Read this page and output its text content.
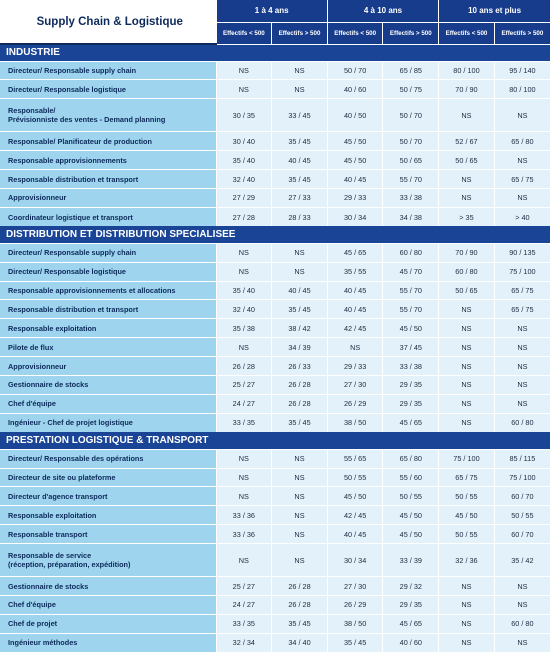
Supply Chain & Logistique	1 à 4 ans		4 à 10 ans		10 ans et plus	
	Effectifs < 500	Effectifs > 500	Effectifs < 500	Effectifs > 500	Effectifs < 500	Effectifs > 500
INDUSTRIE						
Directeur/ Responsable supply chain	NS	NS	50 / 70	65 / 85	80 / 100	95 / 140
Directeur/ Responsable logistique	NS	NS	40 / 60	50 / 75	70 / 90	80 / 100
Responsable/
Prévisionniste des ventes - Demand planning	30 / 35	33 / 45	40 / 50	50 / 70	NS	NS
Responsable/ Planificateur de production	30 / 40	35 / 45	45 / 50	50 / 70	52 / 67	65 / 80
Responsable approvisionnements	35 / 40	40 / 45	45 / 50	50 / 65	50 / 65	NS
Responsable distribution et transport	32 / 40	35 / 45	40 / 45	55 / 70	NS	65 / 75
Approvisionneur	27 / 29	27 / 33	29 / 33	33 / 38	NS	NS
Coordinateur logistique et transport	27 / 28	28 / 33	30 / 34	34 / 38	> 35	> 40
DISTRIBUTION ET DISTRIBUTION SPECIALISEE						
Directeur/ Responsable supply chain	NS	NS	45 / 65	60 / 80	70 / 90	90 / 135
Directeur/ Responsable logistique	NS	NS	35 / 55	45 / 70	60 / 80	75 / 100
Responsable approvisionnements et allocations	35 / 40	40 / 45	40 / 45	55 / 70	50 / 65	65 / 75
Responsable distribution et transport	32 / 40	35 / 45	40 / 45	55 / 70	NS	65 / 75
Responsable exploitation	35 / 38	38 / 42	42 / 45	45 / 50	NS	NS
Pilote de flux	NS	34 / 39	NS	37 / 45	NS	NS
Approvisionneur	26 / 28	26 / 33	29 / 33	33 / 38	NS	NS
Gestionnaire de stocks	25 / 27	26 / 28	27 / 30	29 / 35	NS	NS
Chef d'équipe	24 / 27	26 / 28	26 / 29	29 / 35	NS	NS
Ingénieur - Chef de projet logistique	33 / 35	35 / 45	38 / 50	45 / 65	NS	60 / 80
PRESTATION LOGISTIQUE & TRANSPORT						
Directeur/ Responsable des opérations	NS	NS	55 / 65	65 / 80	75 / 100	85 / 115
Directeur de site ou plateforme	NS	NS	50 / 55	55 / 60	65 / 75	75 / 100
Directeur d'agence transport	NS	NS	45 / 50	50 / 55	50 / 55	60 / 70
Responsable exploitation	33 / 36	NS	42 / 45	45 / 50	45 / 50	50 / 55
Responsable transport	33 / 36	NS	40 / 45	45 / 50	50 / 55	60 / 70
Responsable de service
(réception, préparation, expédition)	NS	NS	30 / 34	33 / 39	32 / 36	35 / 42
Gestionnaire de stocks	25 / 27	26 / 28	27 / 30	29 / 32	NS	NS
Chef d'équipe	24 / 27	26 / 28	26 / 29	29 / 35	NS	NS
Chef de projet	33 / 35	35 / 45	38 / 50	45 / 65	NS	60 / 80
Ingénieur méthodes	32 / 34	34 / 40	35 / 45	40 / 60	NS	NS
